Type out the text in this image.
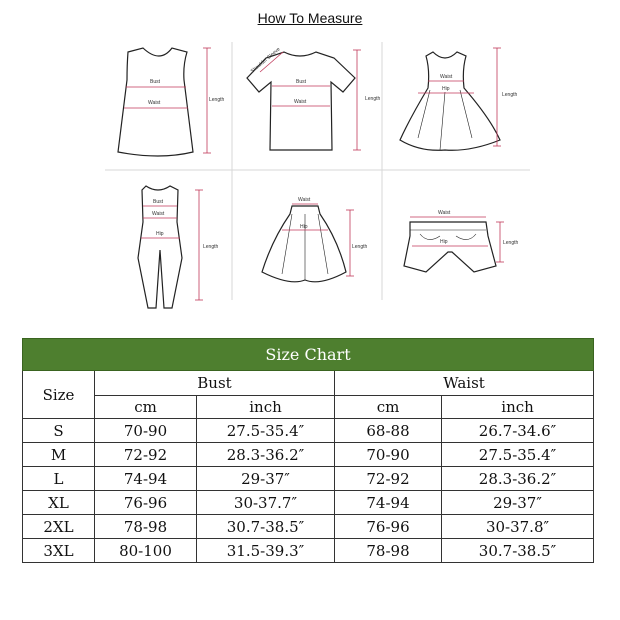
How To Measure
Bust
Waist	Length
Shoulder Sleeve
Bust
Waist	Length
Waist
Hip
Length
Bust
Waist
Hip
Length
Waist
Hip
Length
Waist
Hip	Length
Size Chart				
Size	Bust		Waist	
	cm	inch	cm	inch
S	70-90	27.5-35.4″	68-88	26.7-34.6″
M	72-92	28.3-36.2″	70-90	27.5-35.4″
L	74-94	29-37″	72-92	28.3-36.2″
XL	76-96	30-37.7″	74-94	29-37″
2XL	78-98	30.7-38.5″	76-96	30-37.8″
3XL	80-100	31.5-39.3″	78-98	30.7-38.5″
